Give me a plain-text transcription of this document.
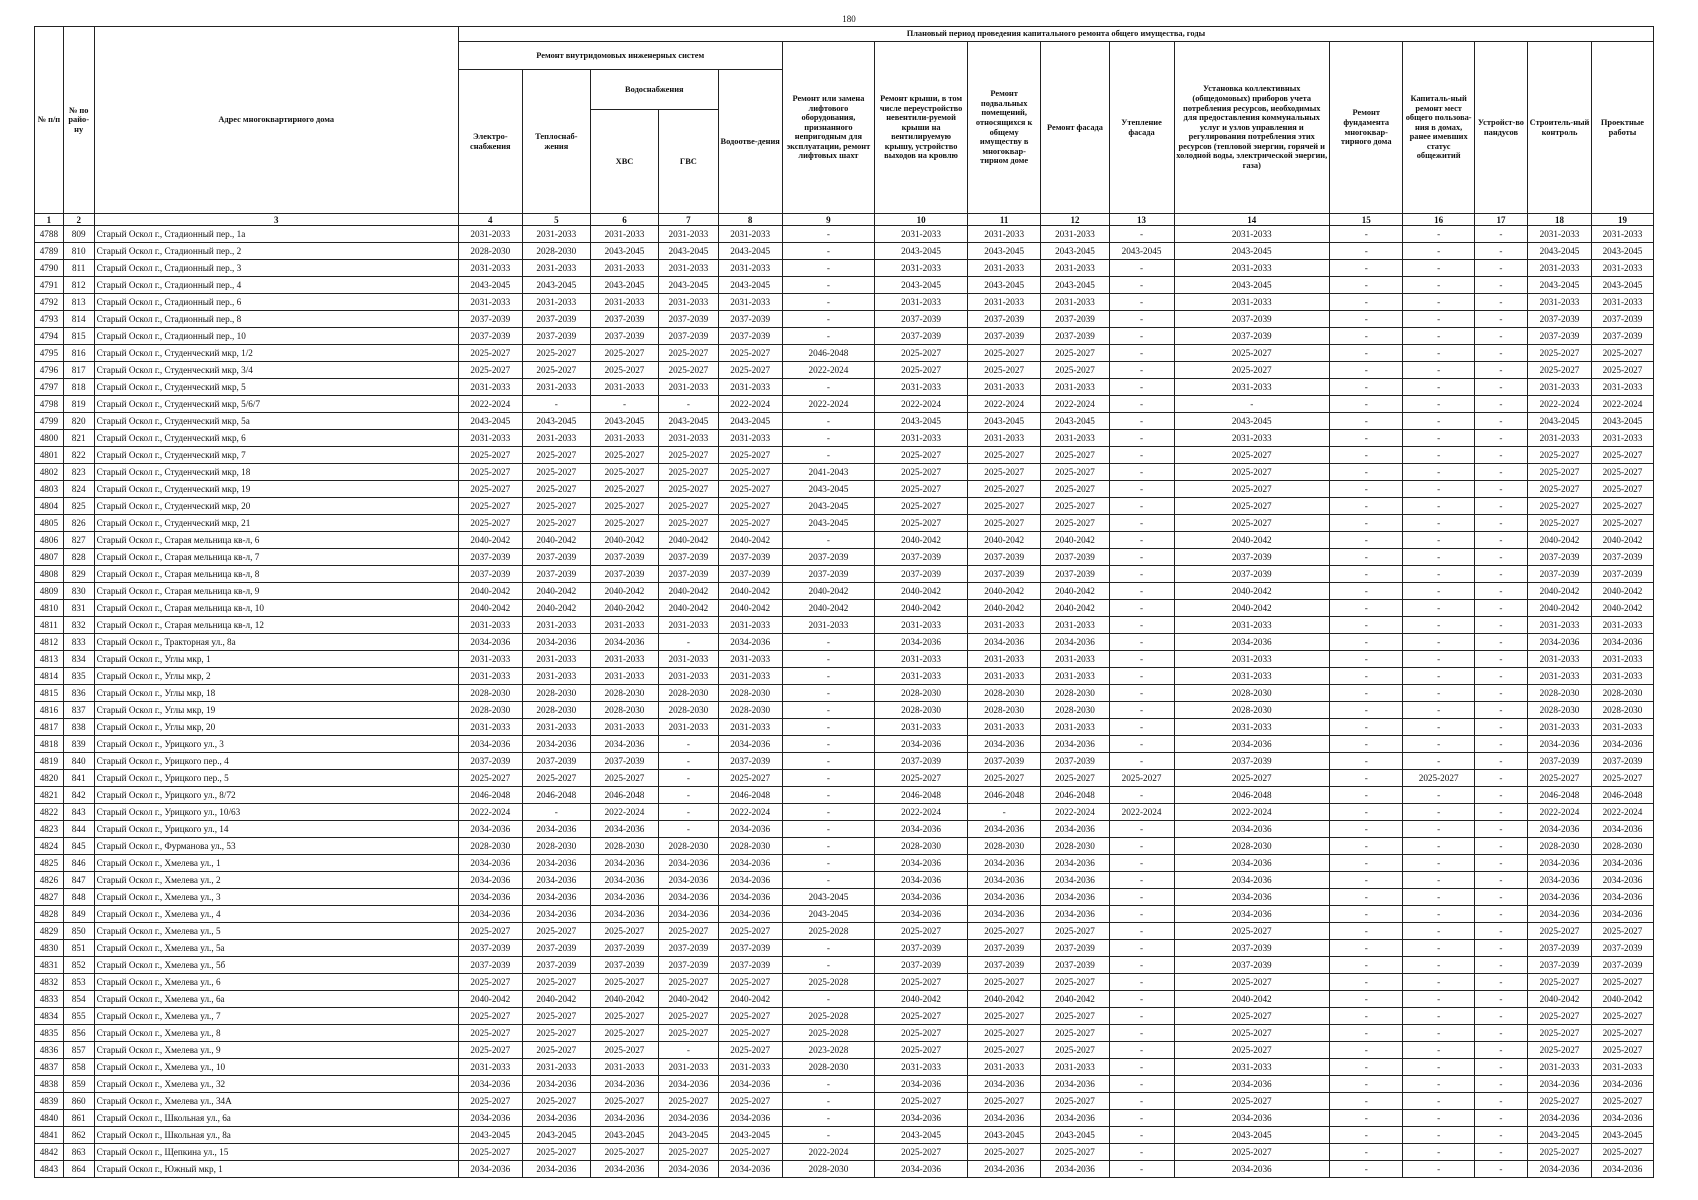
180
№ п/п	№ по райо-ну	Адрес многоквартирного дома	Плановый период проведения капитального ремонта общего имущества, годы															
			Ремонт внутридомовых инженерных систем					Ремонт или замена лифтового оборудования, признанного непригодным для эксплуатации, ремонт лифтовых шахт	Ремонт крыши, в том числе переустройство невентили-руемой крыши на вентилируемую крышу, устройство выходов на кровлю	Ремонт подвальных помещений, относящихся к общему имуществу в многоквар-тирном доме	Ремонт фасада	Утепление фасада	Установка коллективных (общедомовых) приборов учета потребления ресурсов, необходимых для предоставления коммунальных услуг и узлов управления и регулирования потребления этих ресурсов (тепловой энергии, горячей и холодной воды, электрической энергии, газа)	Ремонт фундамента многоквар-тирного дома	Капиталь-ный ремонт мест общего пользова-ния в домах, ранее имевших статус общежитий	Устройст-во пандусов	Строитель-ный контроль	Проектные работы
			Электро-снабжения	Теплоснаб-жения	Водоснабжения		Водоотве-дения											
					ХВС	ГВС												
1	2	3	4	5	6	7	8	9	10	11	12	13	14	15	16	17	18	19
4788	809	Старый Оскол г., Стадионный пер., 1а	2031-2033	2031-2033	2031-2033	2031-2033	2031-2033	-	2031-2033	2031-2033	2031-2033	-	2031-2033	-	-	-	2031-2033	2031-2033
4789	810	Старый Оскол г., Стадионный пер., 2	2028-2030	2028-2030	2043-2045	2043-2045	2043-2045	-	2043-2045	2043-2045	2043-2045	2043-2045	2043-2045	-	-	-	2043-2045	2043-2045
4790	811	Старый Оскол г., Стадионный пер., 3	2031-2033	2031-2033	2031-2033	2031-2033	2031-2033	-	2031-2033	2031-2033	2031-2033	-	2031-2033	-	-	-	2031-2033	2031-2033
4791	812	Старый Оскол г., Стадионный пер., 4	2043-2045	2043-2045	2043-2045	2043-2045	2043-2045	-	2043-2045	2043-2045	2043-2045	-	2043-2045	-	-	-	2043-2045	2043-2045
4792	813	Старый Оскол г., Стадионный пер., 6	2031-2033	2031-2033	2031-2033	2031-2033	2031-2033	-	2031-2033	2031-2033	2031-2033	-	2031-2033	-	-	-	2031-2033	2031-2033
4793	814	Старый Оскол г., Стадионный пер., 8	2037-2039	2037-2039	2037-2039	2037-2039	2037-2039	-	2037-2039	2037-2039	2037-2039	-	2037-2039	-	-	-	2037-2039	2037-2039
4794	815	Старый Оскол г., Стадионный пер., 10	2037-2039	2037-2039	2037-2039	2037-2039	2037-2039	-	2037-2039	2037-2039	2037-2039	-	2037-2039	-	-	-	2037-2039	2037-2039
4795	816	Старый Оскол г., Студенческий мкр, 1/2	2025-2027	2025-2027	2025-2027	2025-2027	2025-2027	2046-2048	2025-2027	2025-2027	2025-2027	-	2025-2027	-	-	-	2025-2027	2025-2027
4796	817	Старый Оскол г., Студенческий мкр, 3/4	2025-2027	2025-2027	2025-2027	2025-2027	2025-2027	2022-2024	2025-2027	2025-2027	2025-2027	-	2025-2027	-	-	-	2025-2027	2025-2027
4797	818	Старый Оскол г., Студенческий мкр, 5	2031-2033	2031-2033	2031-2033	2031-2033	2031-2033	-	2031-2033	2031-2033	2031-2033	-	2031-2033	-	-	-	2031-2033	2031-2033
4798	819	Старый Оскол г., Студенческий мкр, 5/6/7	2022-2024	-	-	-	2022-2024	2022-2024	2022-2024	2022-2024	2022-2024	-	-	-	-	-	2022-2024	2022-2024
4799	820	Старый Оскол г., Студенческий мкр, 5а	2043-2045	2043-2045	2043-2045	2043-2045	2043-2045	-	2043-2045	2043-2045	2043-2045	-	2043-2045	-	-	-	2043-2045	2043-2045
4800	821	Старый Оскол г., Студенческий мкр, 6	2031-2033	2031-2033	2031-2033	2031-2033	2031-2033	-	2031-2033	2031-2033	2031-2033	-	2031-2033	-	-	-	2031-2033	2031-2033
4801	822	Старый Оскол г., Студенческий мкр, 7	2025-2027	2025-2027	2025-2027	2025-2027	2025-2027	-	2025-2027	2025-2027	2025-2027	-	2025-2027	-	-	-	2025-2027	2025-2027
4802	823	Старый Оскол г., Студенческий мкр, 18	2025-2027	2025-2027	2025-2027	2025-2027	2025-2027	2041-2043	2025-2027	2025-2027	2025-2027	-	2025-2027	-	-	-	2025-2027	2025-2027
4803	824	Старый Оскол г., Студенческий мкр, 19	2025-2027	2025-2027	2025-2027	2025-2027	2025-2027	2043-2045	2025-2027	2025-2027	2025-2027	-	2025-2027	-	-	-	2025-2027	2025-2027
4804	825	Старый Оскол г., Студенческий мкр, 20	2025-2027	2025-2027	2025-2027	2025-2027	2025-2027	2043-2045	2025-2027	2025-2027	2025-2027	-	2025-2027	-	-	-	2025-2027	2025-2027
4805	826	Старый Оскол г., Студенческий мкр, 21	2025-2027	2025-2027	2025-2027	2025-2027	2025-2027	2043-2045	2025-2027	2025-2027	2025-2027	-	2025-2027	-	-	-	2025-2027	2025-2027
4806	827	Старый Оскол г., Старая мельница кв-л, 6	2040-2042	2040-2042	2040-2042	2040-2042	2040-2042	-	2040-2042	2040-2042	2040-2042	-	2040-2042	-	-	-	2040-2042	2040-2042
4807	828	Старый Оскол г., Старая мельница кв-л, 7	2037-2039	2037-2039	2037-2039	2037-2039	2037-2039	2037-2039	2037-2039	2037-2039	2037-2039	-	2037-2039	-	-	-	2037-2039	2037-2039
4808	829	Старый Оскол г., Старая мельница кв-л, 8	2037-2039	2037-2039	2037-2039	2037-2039	2037-2039	2037-2039	2037-2039	2037-2039	2037-2039	-	2037-2039	-	-	-	2037-2039	2037-2039
4809	830	Старый Оскол г., Старая мельница кв-л, 9	2040-2042	2040-2042	2040-2042	2040-2042	2040-2042	2040-2042	2040-2042	2040-2042	2040-2042	-	2040-2042	-	-	-	2040-2042	2040-2042
4810	831	Старый Оскол г., Старая мельница кв-л, 10	2040-2042	2040-2042	2040-2042	2040-2042	2040-2042	2040-2042	2040-2042	2040-2042	2040-2042	-	2040-2042	-	-	-	2040-2042	2040-2042
4811	832	Старый Оскол г., Старая мельница кв-л, 12	2031-2033	2031-2033	2031-2033	2031-2033	2031-2033	2031-2033	2031-2033	2031-2033	2031-2033	-	2031-2033	-	-	-	2031-2033	2031-2033
4812	833	Старый Оскол г., Тракторная ул., 8а	2034-2036	2034-2036	2034-2036	-	2034-2036	-	2034-2036	2034-2036	2034-2036	-	2034-2036	-	-	-	2034-2036	2034-2036
4813	834	Старый Оскол г., Углы мкр, 1	2031-2033	2031-2033	2031-2033	2031-2033	2031-2033	-	2031-2033	2031-2033	2031-2033	-	2031-2033	-	-	-	2031-2033	2031-2033
4814	835	Старый Оскол г., Углы мкр, 2	2031-2033	2031-2033	2031-2033	2031-2033	2031-2033	-	2031-2033	2031-2033	2031-2033	-	2031-2033	-	-	-	2031-2033	2031-2033
4815	836	Старый Оскол г., Углы мкр, 18	2028-2030	2028-2030	2028-2030	2028-2030	2028-2030	-	2028-2030	2028-2030	2028-2030	-	2028-2030	-	-	-	2028-2030	2028-2030
4816	837	Старый Оскол г., Углы мкр, 19	2028-2030	2028-2030	2028-2030	2028-2030	2028-2030	-	2028-2030	2028-2030	2028-2030	-	2028-2030	-	-	-	2028-2030	2028-2030
4817	838	Старый Оскол г., Углы мкр, 20	2031-2033	2031-2033	2031-2033	2031-2033	2031-2033	-	2031-2033	2031-2033	2031-2033	-	2031-2033	-	-	-	2031-2033	2031-2033
4818	839	Старый Оскол г., Урицкого ул., 3	2034-2036	2034-2036	2034-2036	-	2034-2036	-	2034-2036	2034-2036	2034-2036	-	2034-2036	-	-	-	2034-2036	2034-2036
4819	840	Старый Оскол г., Урицкого пер., 4	2037-2039	2037-2039	2037-2039	-	2037-2039	-	2037-2039	2037-2039	2037-2039	-	2037-2039	-	-	-	2037-2039	2037-2039
4820	841	Старый Оскол г., Урицкого пер., 5	2025-2027	2025-2027	2025-2027	-	2025-2027	-	2025-2027	2025-2027	2025-2027	2025-2027	2025-2027	-	2025-2027	-	2025-2027	2025-2027
4821	842	Старый Оскол г., Урицкого ул., 8/72	2046-2048	2046-2048	2046-2048	-	2046-2048	-	2046-2048	2046-2048	2046-2048	-	2046-2048	-	-	-	2046-2048	2046-2048
4822	843	Старый Оскол г., Урицкого ул., 10/63	2022-2024	-	2022-2024	-	2022-2024	-	2022-2024	-	2022-2024	2022-2024	2022-2024	-	-	-	2022-2024	2022-2024
4823	844	Старый Оскол г., Урицкого ул., 14	2034-2036	2034-2036	2034-2036	-	2034-2036	-	2034-2036	2034-2036	2034-2036	-	2034-2036	-	-	-	2034-2036	2034-2036
4824	845	Старый Оскол г., Фурманова ул., 53	2028-2030	2028-2030	2028-2030	2028-2030	2028-2030	-	2028-2030	2028-2030	2028-2030	-	2028-2030	-	-	-	2028-2030	2028-2030
4825	846	Старый Оскол г., Хмелева ул., 1	2034-2036	2034-2036	2034-2036	2034-2036	2034-2036	-	2034-2036	2034-2036	2034-2036	-	2034-2036	-	-	-	2034-2036	2034-2036
4826	847	Старый Оскол г., Хмелева ул., 2	2034-2036	2034-2036	2034-2036	2034-2036	2034-2036	-	2034-2036	2034-2036	2034-2036	-	2034-2036	-	-	-	2034-2036	2034-2036
4827	848	Старый Оскол г., Хмелева ул., 3	2034-2036	2034-2036	2034-2036	2034-2036	2034-2036	2043-2045	2034-2036	2034-2036	2034-2036	-	2034-2036	-	-	-	2034-2036	2034-2036
4828	849	Старый Оскол г., Хмелева ул., 4	2034-2036	2034-2036	2034-2036	2034-2036	2034-2036	2043-2045	2034-2036	2034-2036	2034-2036	-	2034-2036	-	-	-	2034-2036	2034-2036
4829	850	Старый Оскол г., Хмелева ул., 5	2025-2027	2025-2027	2025-2027	2025-2027	2025-2027	2025-2028	2025-2027	2025-2027	2025-2027	-	2025-2027	-	-	-	2025-2027	2025-2027
4830	851	Старый Оскол г., Хмелева ул., 5а	2037-2039	2037-2039	2037-2039	2037-2039	2037-2039	-	2037-2039	2037-2039	2037-2039	-	2037-2039	-	-	-	2037-2039	2037-2039
4831	852	Старый Оскол г., Хмелева ул., 5б	2037-2039	2037-2039	2037-2039	2037-2039	2037-2039	-	2037-2039	2037-2039	2037-2039	-	2037-2039	-	-	-	2037-2039	2037-2039
4832	853	Старый Оскол г., Хмелева ул., 6	2025-2027	2025-2027	2025-2027	2025-2027	2025-2027	2025-2028	2025-2027	2025-2027	2025-2027	-	2025-2027	-	-	-	2025-2027	2025-2027
4833	854	Старый Оскол г., Хмелева ул., 6а	2040-2042	2040-2042	2040-2042	2040-2042	2040-2042	-	2040-2042	2040-2042	2040-2042	-	2040-2042	-	-	-	2040-2042	2040-2042
4834	855	Старый Оскол г., Хмелева ул., 7	2025-2027	2025-2027	2025-2027	2025-2027	2025-2027	2025-2028	2025-2027	2025-2027	2025-2027	-	2025-2027	-	-	-	2025-2027	2025-2027
4835	856	Старый Оскол г., Хмелева ул., 8	2025-2027	2025-2027	2025-2027	2025-2027	2025-2027	2025-2028	2025-2027	2025-2027	2025-2027	-	2025-2027	-	-	-	2025-2027	2025-2027
4836	857	Старый Оскол г., Хмелева ул., 9	2025-2027	2025-2027	2025-2027	-	2025-2027	2023-2028	2025-2027	2025-2027	2025-2027	-	2025-2027	-	-	-	2025-2027	2025-2027
4837	858	Старый Оскол г., Хмелева ул., 10	2031-2033	2031-2033	2031-2033	2031-2033	2031-2033	2028-2030	2031-2033	2031-2033	2031-2033	-	2031-2033	-	-	-	2031-2033	2031-2033
4838	859	Старый Оскол г., Хмелева ул., 32	2034-2036	2034-2036	2034-2036	2034-2036	2034-2036	-	2034-2036	2034-2036	2034-2036	-	2034-2036	-	-	-	2034-2036	2034-2036
4839	860	Старый Оскол г., Хмелева ул., 34А	2025-2027	2025-2027	2025-2027	2025-2027	2025-2027	-	2025-2027	2025-2027	2025-2027	-	2025-2027	-	-	-	2025-2027	2025-2027
4840	861	Старый Оскол г., Школьная ул., 6а	2034-2036	2034-2036	2034-2036	2034-2036	2034-2036	-	2034-2036	2034-2036	2034-2036	-	2034-2036	-	-	-	2034-2036	2034-2036
4841	862	Старый Оскол г., Школьная ул., 8а	2043-2045	2043-2045	2043-2045	2043-2045	2043-2045	-	2043-2045	2043-2045	2043-2045	-	2043-2045	-	-	-	2043-2045	2043-2045
4842	863	Старый Оскол г., Щепкина ул., 15	2025-2027	2025-2027	2025-2027	2025-2027	2025-2027	2022-2024	2025-2027	2025-2027	2025-2027	-	2025-2027	-	-	-	2025-2027	2025-2027
4843	864	Старый Оскол г., Южный мкр, 1	2034-2036	2034-2036	2034-2036	2034-2036	2034-2036	2028-2030	2034-2036	2034-2036	2034-2036	-	2034-2036	-	-	-	2034-2036	2034-2036
